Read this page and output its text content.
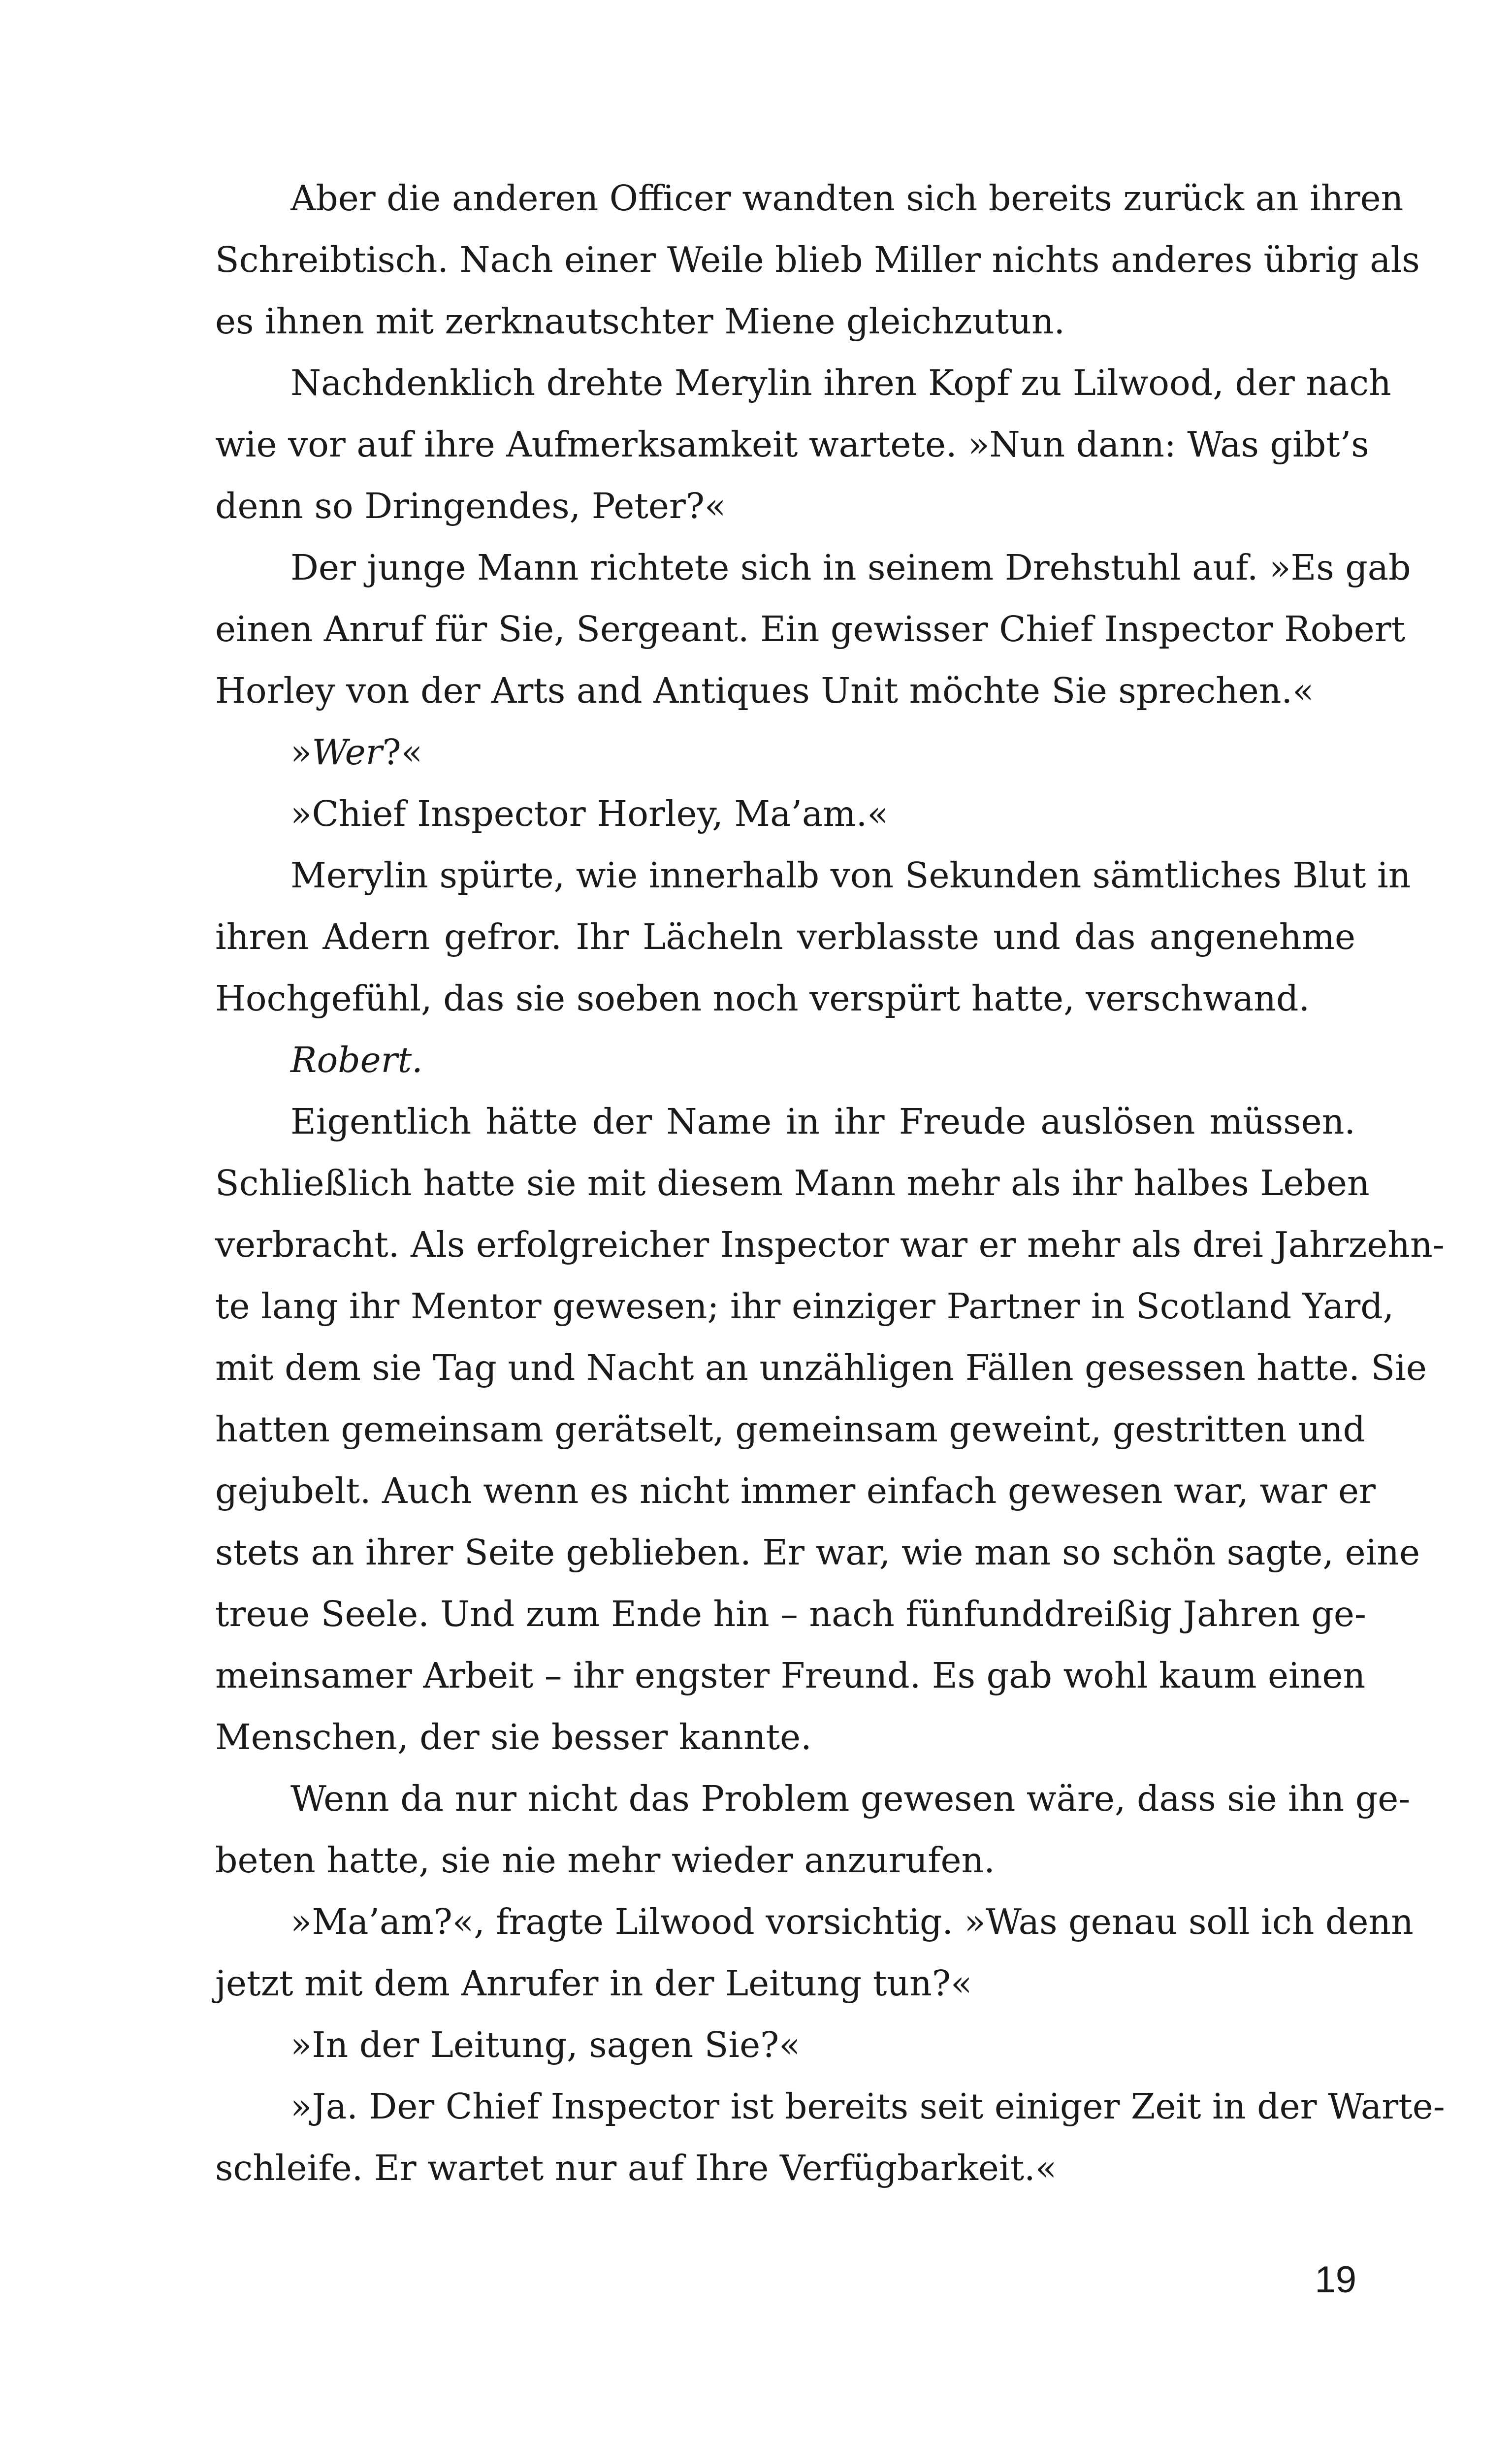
Aber die anderen Officer wandten sich bereits zurück an ihren
Schreibtisch. Nach einer Weile blieb Miller nichts anderes übrig als
es ihnen mit zerknautschter Miene gleichzutun.
Nachdenklich drehte Merylin ihren Kopf zu Lilwood, der nach
wie vor auf ihre Aufmerksamkeit wartete. »Nun dann: Was gibt’s
denn so Dringendes, Peter?«
Der junge Mann richtete sich in seinem Drehstuhl auf. »Es gab
einen Anruf für Sie, Sergeant. Ein gewisser Chief Inspector Robert
Horley von der Arts and Antiques Unit möchte Sie sprechen.«
»Wer?«
»Chief Inspector Horley, Ma’am.«
Merylin spürte, wie innerhalb von Sekunden sämtliches Blut in
ihren Adern gefror. Ihr Lächeln verblasste und das angenehme
Hochgefühl, das sie soeben noch verspürt hatte, verschwand.
Robert.
Eigentlich hätte der Name in ihr Freude auslösen müssen.
Schließlich hatte sie mit diesem Mann mehr als ihr halbes Leben
verbracht. Als erfolgreicher Inspector war er mehr als drei Jahrzehn-
te lang ihr Mentor gewesen; ihr einziger Partner in Scotland Yard,
mit dem sie Tag und Nacht an unzähligen Fällen gesessen hatte. Sie
hatten gemeinsam gerätselt, gemeinsam geweint, gestritten und
gejubelt. Auch wenn es nicht immer einfach gewesen war, war er
stets an ihrer Seite geblieben. Er war, wie man so schön sagte, eine
treue Seele. Und zum Ende hin – nach fünfunddreißig Jahren ge-
meinsamer Arbeit – ihr engster Freund. Es gab wohl kaum einen
Menschen, der sie besser kannte.
Wenn da nur nicht das Problem gewesen wäre, dass sie ihn ge-
beten hatte, sie nie mehr wieder anzurufen.
»Ma’am?«, fragte Lilwood vorsichtig. »Was genau soll ich denn
jetzt mit dem Anrufer in der Leitung tun?«
»In der Leitung, sagen Sie?«
»Ja. Der Chief Inspector ist bereits seit einiger Zeit in der Warte-
schleife. Er wartet nur auf Ihre Verfügbarkeit.«
19
